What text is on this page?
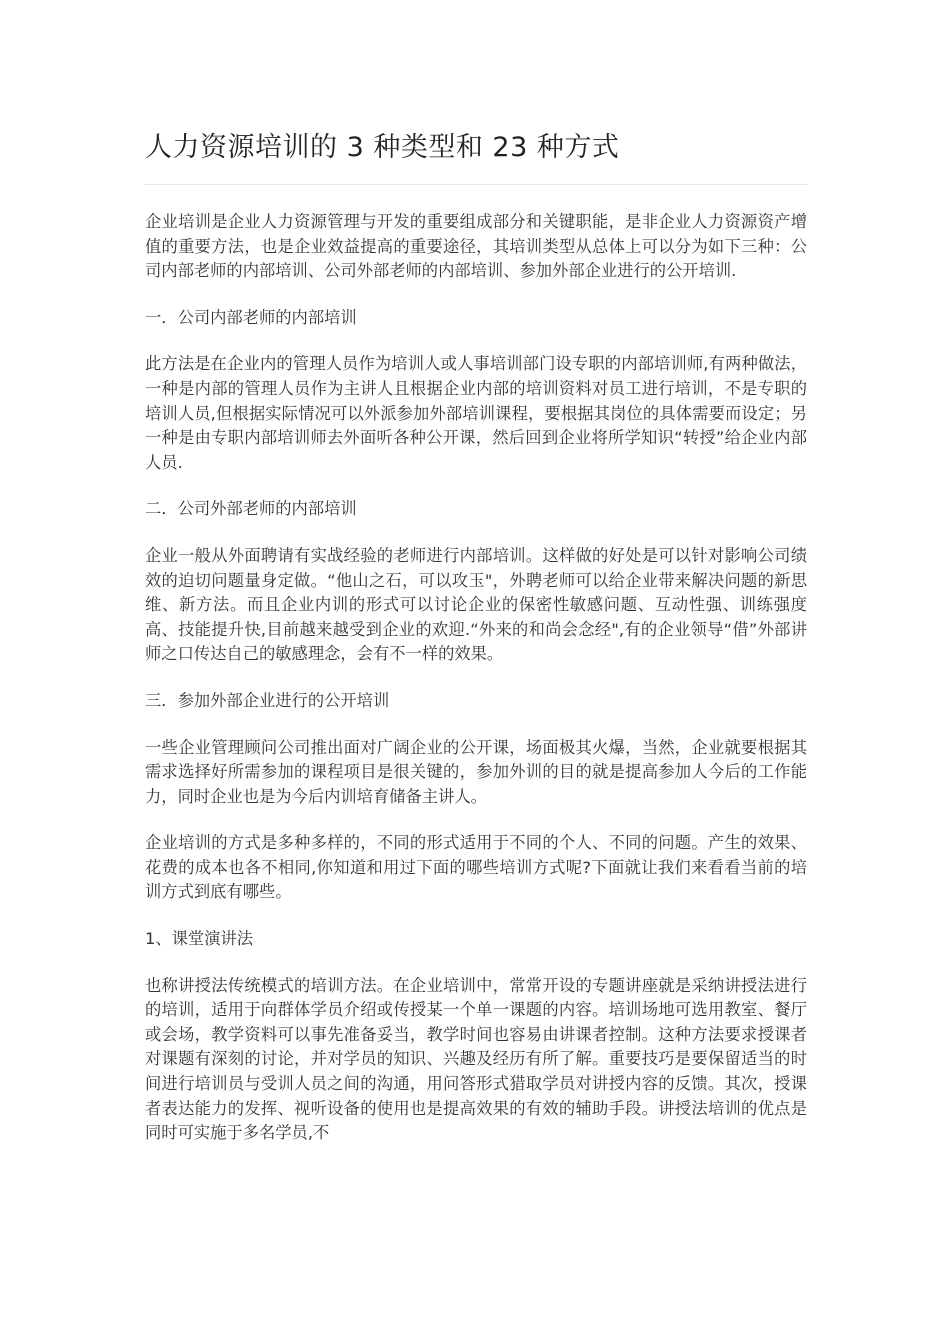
人力资源培训的 3 种类型和 23 种方式

企业培训是企业人力资源管理与开发的重要组成部分和关键职能，是非企业人力资源资产增值的重要方法，也是企业效益提高的重要途径，其培训类型从总体上可以分为如下三种：公司内部老师的内部培训、公司外部老师的内部培训、参加外部企业进行的公开培训.

一．公司内部老师的内部培训

此方法是在企业内的管理人员作为培训人或人事培训部门设专职的内部培训师,有两种做法，一种是内部的管理人员作为主讲人且根据企业内部的培训资料对员工进行培训，不是专职的培训人员,但根据实际情况可以外派参加外部培训课程，要根据其岗位的具体需要而设定；另一种是由专职内部培训师去外面听各种公开课，然后回到企业将所学知识“转授”给企业内部人员.

二．公司外部老师的内部培训

企业一般从外面聘请有实战经验的老师进行内部培训。这样做的好处是可以针对影响公司绩效的迫切问题量身定做。“他山之石，可以攻玉"，外聘老师可以给企业带来解决问题的新思维、新方法。而且企业内训的形式可以讨论企业的保密性敏感问题、互动性强、训练强度高、技能提升快,目前越来越受到企业的欢迎.“外来的和尚会念经",有的企业领导“借”外部讲师之口传达自己的敏感理念，会有不一样的效果。

三．参加外部企业进行的公开培训

一些企业管理顾问公司推出面对广阔企业的公开课，场面极其火爆，当然，企业就要根据其需求选择好所需参加的课程项目是很关键的，参加外训的目的就是提高参加人今后的工作能力，同时企业也是为今后内训培育储备主讲人。

企业培训的方式是多种多样的，不同的形式适用于不同的个人、不同的问题。产生的效果、花费的成本也各不相同,你知道和用过下面的哪些培训方式呢?下面就让我们来看看当前的培训方式到底有哪些。

1、课堂演讲法

也称讲授法传统模式的培训方法。在企业培训中，常常开设的专题讲座就是采纳讲授法进行的培训，适用于向群体学员介绍或传授某一个单一课题的内容。培训场地可选用教室、餐厅或会场，教学资料可以事先准备妥当，教学时间也容易由讲课者控制。这种方法要求授课者对课题有深刻的讨论，并对学员的知识、兴趣及经历有所了解。重要技巧是要保留适当的时间进行培训员与受训人员之间的沟通，用问答形式猎取学员对讲授内容的反馈。其次，授课者表达能力的发挥、视听设备的使用也是提高效果的有效的辅助手段。讲授法培训的优点是同时可实施于多名学员,不
